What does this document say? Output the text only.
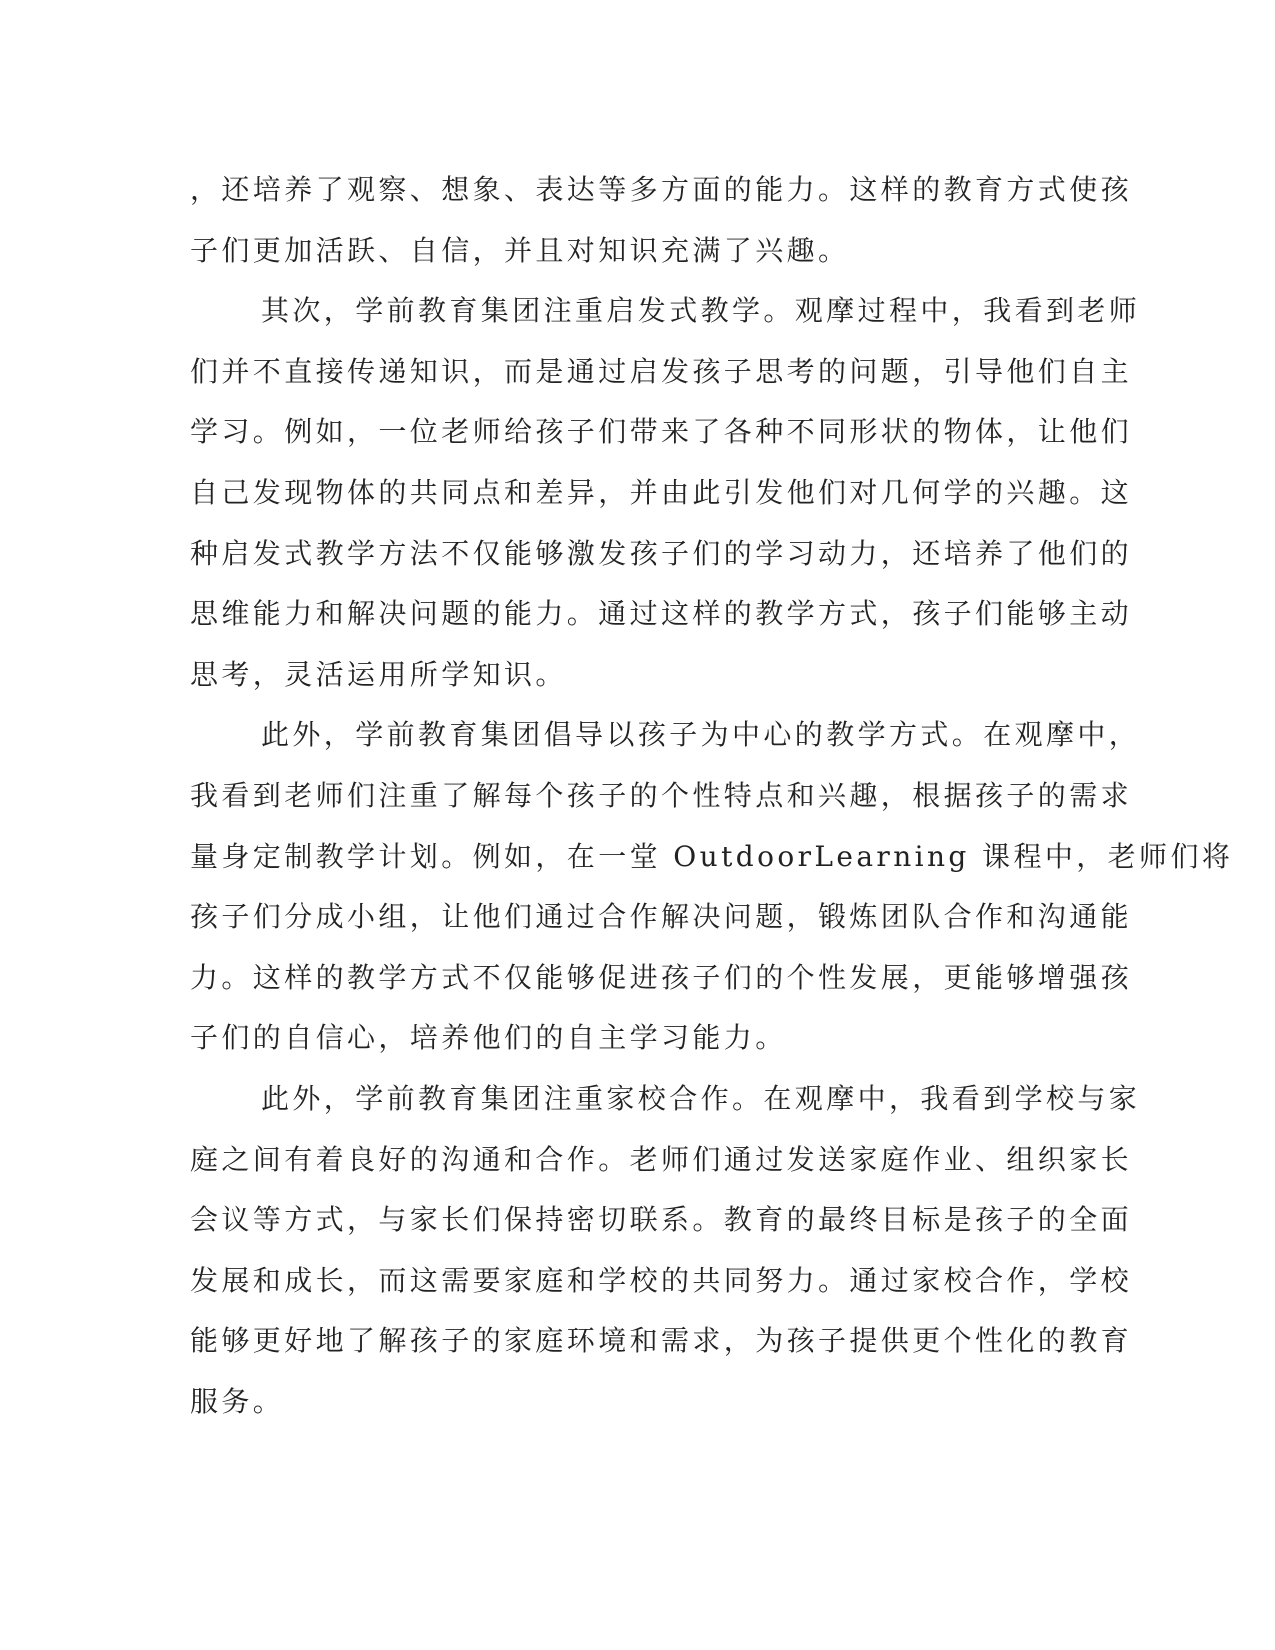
，还培养了观察、想象、表达等多方面的能力。这样的教育方式使孩
子们更加活跃、自信，并且对知识充满了兴趣。
其次，学前教育集团注重启发式教学。观摩过程中，我看到老师
们并不直接传递知识，而是通过启发孩子思考的问题，引导他们自主
学习。例如，一位老师给孩子们带来了各种不同形状的物体，让他们
自己发现物体的共同点和差异，并由此引发他们对几何学的兴趣。这
种启发式教学方法不仅能够激发孩子们的学习动力，还培养了他们的
思维能力和解决问题的能力。通过这样的教学方式，孩子们能够主动
思考，灵活运用所学知识。
此外，学前教育集团倡导以孩子为中心的教学方式。在观摩中，
我看到老师们注重了解每个孩子的个性特点和兴趣，根据孩子的需求
量身定制教学计划。例如，在一堂 OutdoorLearning 课程中，老师们将
孩子们分成小组，让他们通过合作解决问题，锻炼团队合作和沟通能
力。这样的教学方式不仅能够促进孩子们的个性发展，更能够增强孩
子们的自信心，培养他们的自主学习能力。
此外，学前教育集团注重家校合作。在观摩中，我看到学校与家
庭之间有着良好的沟通和合作。老师们通过发送家庭作业、组织家长
会议等方式，与家长们保持密切联系。教育的最终目标是孩子的全面
发展和成长，而这需要家庭和学校的共同努力。通过家校合作，学校
能够更好地了解孩子的家庭环境和需求，为孩子提供更个性化的教育
服务。
